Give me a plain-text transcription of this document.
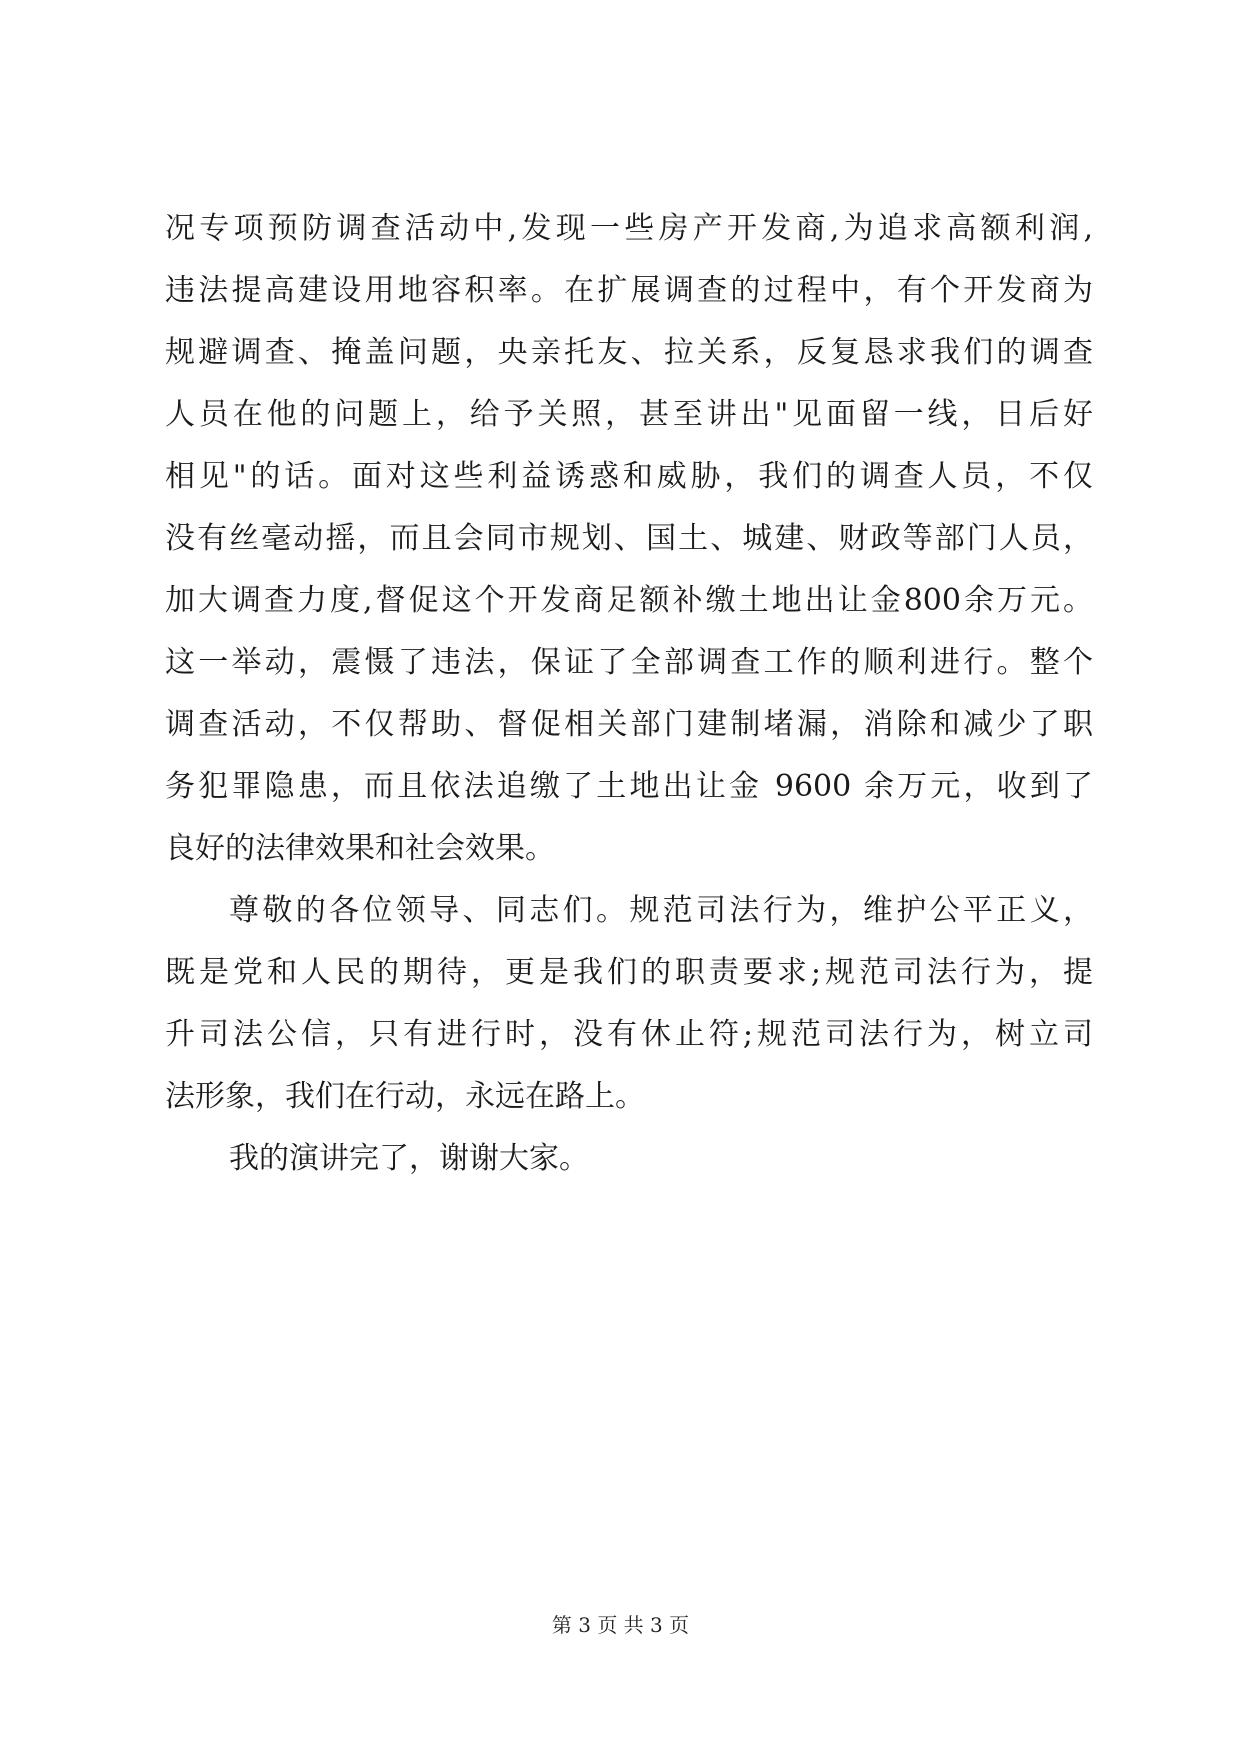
况专项预防调查活动中,发现一些房产开发商,为追求高额利润,
违法提高建设用地容积率。在扩展调查的过程中，有个开发商为
规避调查、掩盖问题，央亲托友、拉关系，反复恳求我们的调查
人员在他的问题上，给予关照，甚至讲出"见面留一线，日后好
相见"的话。面对这些利益诱惑和威胁，我们的调查人员，不仅
没有丝毫动摇，而且会同市规划、国土、城建、财政等部门人员，
加大调查力度,督促这个开发商足额补缴土地出让金800余万元。
这一举动，震慑了违法，保证了全部调查工作的顺利进行。整个
调查活动，不仅帮助、督促相关部门建制堵漏，消除和减少了职
务犯罪隐患，而且依法追缴了土地出让金 9600 余万元，收到了
良好的法律效果和社会效果。
尊敬的各位领导、同志们。规范司法行为，维护公平正义，
既是党和人民的期待，更是我们的职责要求;规范司法行为，提
升司法公信，只有进行时，没有休止符;规范司法行为，树立司
法形象，我们在行动，永远在路上。
我的演讲完了，谢谢大家。
第 3 页 共 3 页
